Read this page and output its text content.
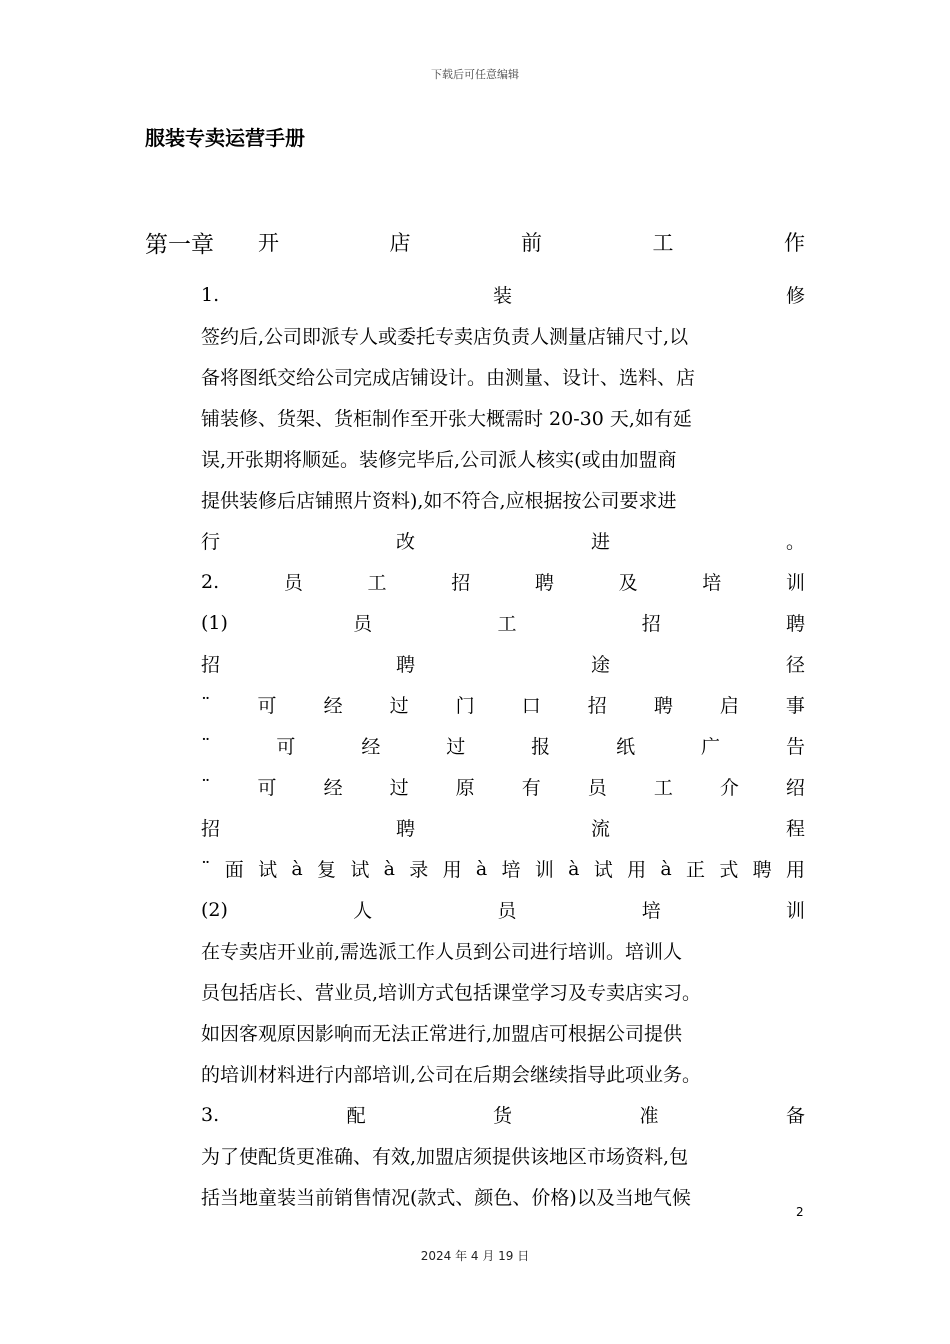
下载后可任意编辑
服装专卖运营手册
第一章	开	店	前	工	作
1.	装	修
签约后,公司即派专人或委托专卖店负责人测量店铺尺寸,以
备将图纸交给公司完成店铺设计。由测量、设计、选料、店
铺装修、货架、货柜制作至开张大概需时 20-30 天,如有延
误,开张期将顺延。装修完毕后,公司派人核实(或由加盟商
提供装修后店铺照片资料),如不符合,应根据按公司要求进
行	改	进	。
2.	员	工	招	聘	及	培	训
(1)	员	工	招	聘
招	聘	途	径
¨ 可 经 过 门 口 招 聘 启 事
¨	可	经	过	报	纸	广	告
¨ 可 经 过 原 有 员 工 介 绍
招	聘	流	程
¨ 面 试 à 复 试 à 录 用 à 培 训 à 试 用 à 正 式 聘 用
(2)	人	员	培	训
在专卖店开业前,需选派工作人员到公司进行培训。培训人
员包括店长、营业员,培训方式包括课堂学习及专卖店实习。
如因客观原因影响而无法正常进行,加盟店可根据公司提供
的培训材料进行内部培训,公司在后期会继续指导此项业务。
3.	配	货	准	备
为了使配货更准确、有效,加盟店须提供该地区市场资料,包
括当地童装当前销售情况(款式、颜色、价格)以及当地气候
2
2024 年 4 月 19 日
